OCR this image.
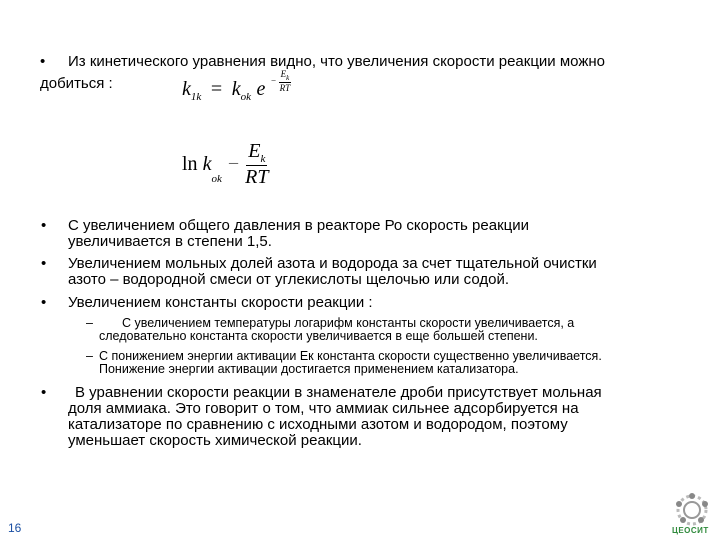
• Из кинетического уравнения видно, что увеличения скорости реакции можно
добиться :	$k_{1k} = k_{ok}$ $e - \frac{E_k}{RT}$
ln k
$_{ok}$
− $\frac{E_k}{RT}$
• С увеличением общего давления в реакторе Ро скорость реакции
увеличивается в степени 1,5.
• Увеличением мольных долей азота и водорода за счет тщательной очистки
азото – водородной смеси от углекислоты щелочью или содой.
• Увеличением константы скорости реакции :
– С увеличением температуры логарифм константы скорости увеличивается, а
следовательно константа скорости увеличивается в еще большей степени.
– С понижением энергии активации Ек константа скорости существенно увеличивается.
Понижение энергии активации достигается применением катализатора.
• В уравнении скорости реакции в знаменателе дроби присутствует мольная
доля аммиака. Это говорит о том, что аммиак сильнее адсорбируется на
катализаторе по сравнению с исходными азотом и водородом, поэтому
уменьшает скорость химической реакции.
16	ЦЕОСИТ
